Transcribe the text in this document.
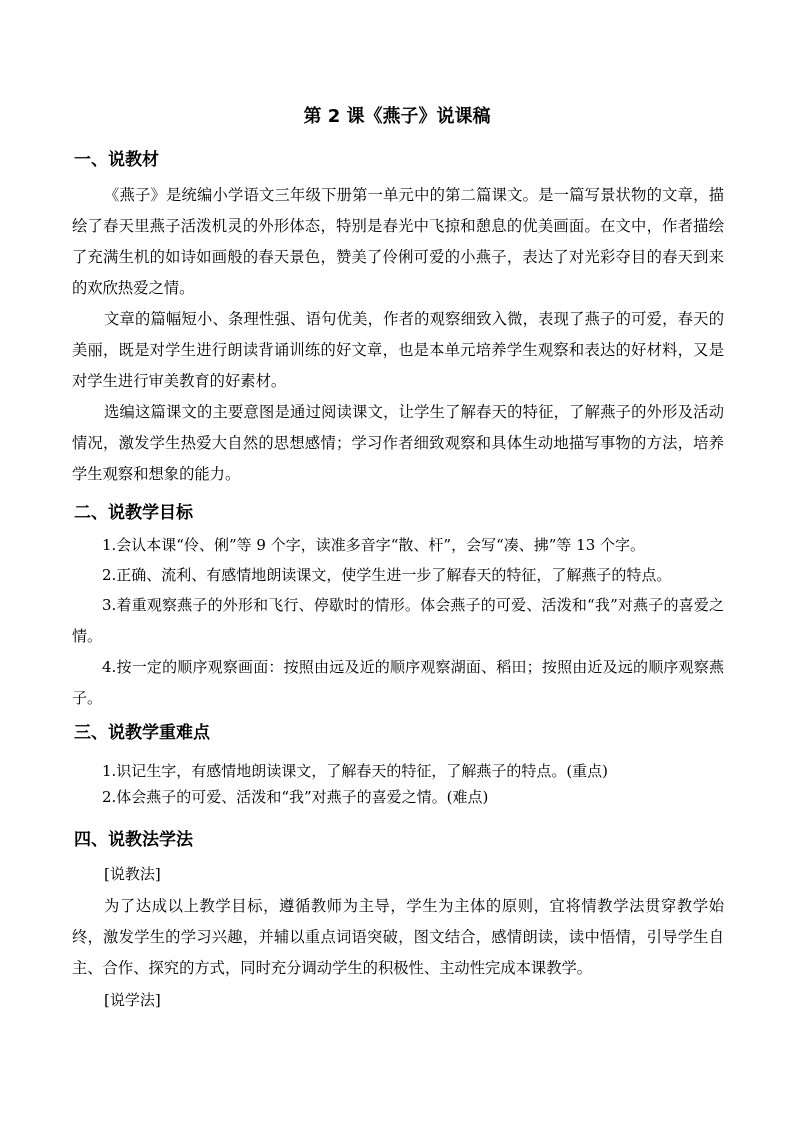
第 2 课《燕子》说课稿
一、说教材

《燕子》是统编小学语文三年级下册第一单元中的第二篇课文。是一篇写景状物的文章，描绘了春天里燕子活泼机灵的外形体态，特别是春光中飞掠和憩息的优美画面。在文中，作者描绘了充满生机的如诗如画般的春天景色，赞美了伶俐可爱的小燕子，表达了对光彩夺目的春天到来的欢欣热爱之情。

文章的篇幅短小、条理性强、语句优美，作者的观察细致入微，表现了燕子的可爱，春天的美丽，既是对学生进行朗读背诵训练的好文章，也是本单元培养学生观察和表达的好材料，又是对学生进行审美教育的好素材。

选编这篇课文的主要意图是通过阅读课文，让学生了解春天的特征，了解燕子的外形及活动情况，激发学生热爱大自然的思想感情；学习作者细致观察和具体生动地描写事物的方法，培养学生观察和想象的能力。

二、说教学目标

1.会认本课“伶、俐”等 9 个字，读准多音字“散、杆”，会写“凑、拂”等 13 个字。

2.正确、流利、有感情地朗读课文，使学生进一步了解春天的特征，了解燕子的特点。

3.着重观察燕子的外形和飞行、停歇时的情形。体会燕子的可爱、活泼和“我”对燕子的喜爱之情。

4.按一定的顺序观察画面：按照由远及近的顺序观察湖面、稻田；按照由近及远的顺序观察燕子。

三、说教学重难点

1.识记生字，有感情地朗读课文，了解春天的特征，了解燕子的特点。(重点)

2.体会燕子的可爱、活泼和“我”对燕子的喜爱之情。(难点)

四、说教法学法
[说教法]

为了达成以上教学目标，遵循教师为主导，学生为主体的原则，宜将情教学法贯穿教学始终，激发学生的学习兴趣，并辅以重点词语突破，图文结合，感情朗读，读中悟情，引导学生自主、合作、探究的方式，同时充分调动学生的积极性、主动性完成本课教学。

[说学法]
